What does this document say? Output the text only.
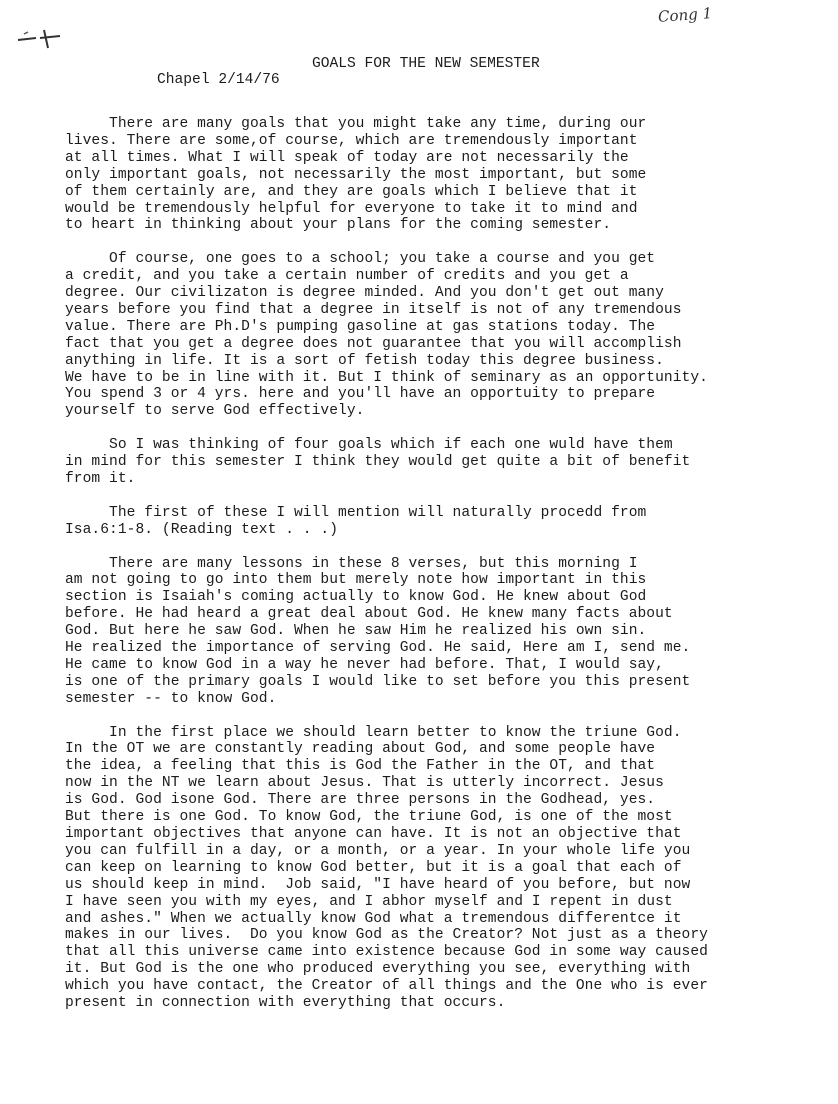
Cong 1

Chapel 2/14/76

GOALS FOR THE NEW SEMESTER

There are many goals that you might take any time, during our
lives. There are some,of course, which are tremendously important
at all times. What I will speak of today are not necessarily the
only important goals, not necessarily the most important, but some
of them certainly are, and they are goals which I believe that it
would be tremendously helpful for everyone to take it to mind and
to heart in thinking about your plans for the coming semester.
Of course, one goes to a school; you take a course and you get
a credit, and you take a certain number of credits and you get a
degree. Our civilizaton is degree minded. And you don't get out many
years before you find that a degree in itself is not of any tremendous
value. There are Ph.D's pumping gasoline at gas stations today. The
fact that you get a degree does not guarantee that you will accomplish
anything in life. It is a sort of fetish today this degree business.
We have to be in line with it. But I think of seminary as an opportunity.
You spend 3 or 4 yrs. here and you'll have an opportuity to prepare
yourself to serve God effectively.
So I was thinking of four goals which if each one wuld have them
in mind for this semester I think they would get quite a bit of benefit
from it.
The first of these I will mention will naturally procedd from
Isa.6:1-8. (Reading text . . .)
There are many lessons in these 8 verses, but this morning I
am not going to go into them but merely note how important in this
section is Isaiah's coming actually to know God. He knew about God
before. He had heard a great deal about God. He knew many facts about
God. But here he saw God. When he saw Him he realized his own sin.
He realized the importance of serving God. He said, Here am I, send me.
He came to know God in a way he never had before. That, I would say,
is one of the primary goals I would like to set before you this present
semester -- to know God.
In the first place we should learn better to know the triune God.
In the OT we are constantly reading about God, and some people have
the idea, a feeling that this is God the Father in the OT, and that
now in the NT we learn about Jesus. That is utterly incorrect. Jesus
is God. God isone God. There are three persons in the Godhead, yes.
But there is one God. To know God, the triune God, is one of the most
important objectives that anyone can have. It is not an objective that
you can fulfill in a day, or a month, or a year. In your whole life you
can keep on learning to know God better, but it is a goal that each of
us should keep in mind.  Job said, "I have heard of you before, but now
I have seen you with my eyes, and I abhor myself and I repent in dust
and ashes." When we actually know God what a tremendous differentce it
makes in our lives.  Do you know God as the Creator? Not just as a theory
that all this universe came into existence because God in some way caused
it. But God is the one who produced everything you see, everything with
which you have contact, the Creator of all things and the One who is ever
present in connection with everything that occurs.
